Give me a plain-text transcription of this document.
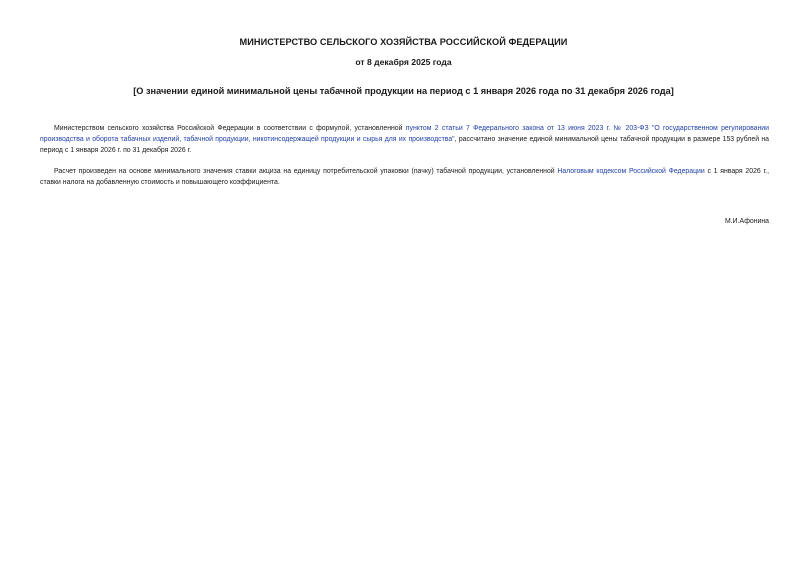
МИНИСТЕРСТВО СЕЛЬСКОГО ХОЗЯЙСТВА РОССИЙСКОЙ ФЕДЕРАЦИИ
от 8 декабря 2025 года
[О значении единой минимальной цены табачной продукции на период с 1 января 2026 года по 31 декабря 2026 года]

Министерством сельского хозяйства Российской Федерации в соответствии с формулой, установленной пунктом 2 статьи 7 Федерального закона от 13 июня 2023 г. № 203-ФЗ "О государственном регулировании производства и оборота табачных изделий, табачной продукции, никотинсодержащей продукции и сырья для их производства", рассчитано значение единой минимальной цены табачной продукции в размере 153 рублей на период с 1 января 2026 г. по 31 декабря 2026 г.

Расчет произведен на основе минимального значения ставки акциза на единицу потребительской упаковки (пачку) табачной продукции, установленной Налоговым кодексом Российской Федерации с 1 января 2026 г., ставки налога на добавленную стоимость и повышающего коэффициента.

М.И.Афонина
